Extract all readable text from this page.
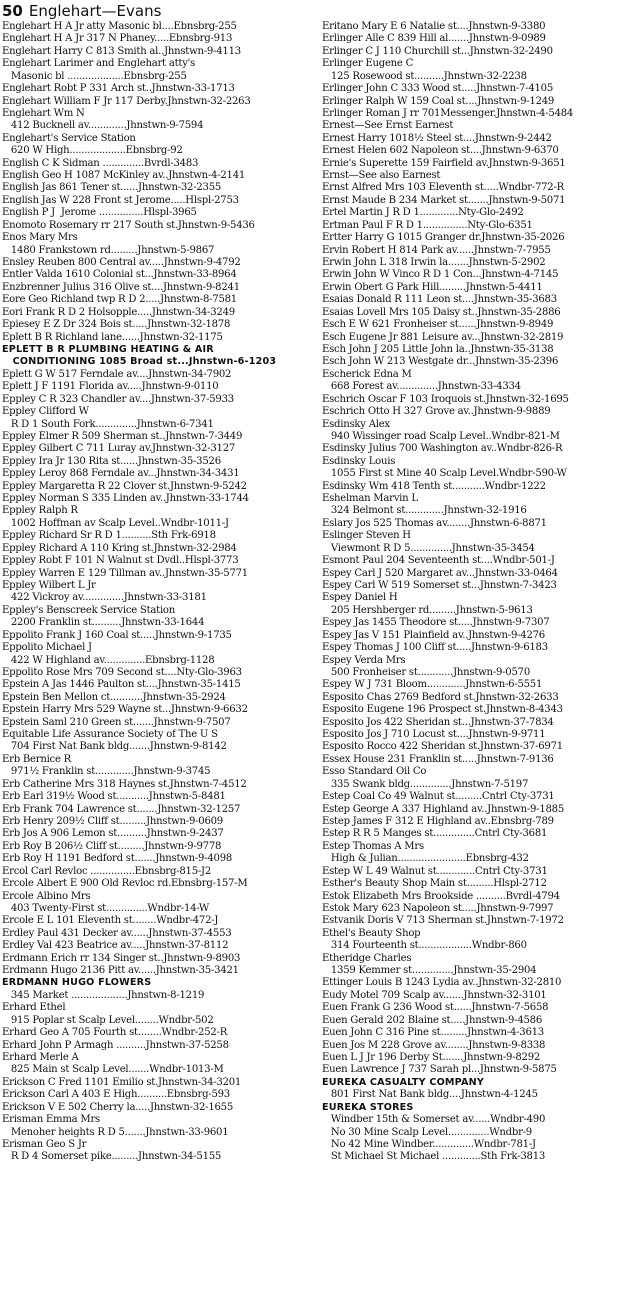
50 Englehart—Evans
Englehart H A Jr atty Masonic bl....Ebnsbrg-255
Englehart H A Jr 317 N Phaney.....Ebnsbrg-913
Englehart Harry C 813 Smith al..Jhnstwn-9-4113
Englehart Larimer and Englehart atty's
Masonic bl ...................Ebnsbrg-255
Englehart Robt P 331 Arch st..Jhnstwn-33-1713
Englehart William F Jr 117 Derby.Jhnstwn-32-2263
Englehart Wm N
412 Bucknell av.............Jhnstwn-9-7594
Englehart's Service Station
620 W High...................Ebnsbrg-92
English C K Sidman ..............Bvrdl-3483
English Geo H 1087 McKinley av..Jhnstwn-4-2141
English Jas 861 Tener st......Jhnstwn-32-2355
English Jas W 228 Front st Jerome.....Hlspl-2753
English P J  Jerome ...............Hlspl-3965
Enomoto Rosemary rr 217 South st.Jhnstwn-9-5436
Enos Mary Mrs
1480 Frankstown rd.........Jhnstwn-5-9867
Ensley Reuben 800 Central av.....Jhnstwn-9-4792
Entler Valda 1610 Colonial st...Jhnstwn-33-8964
Enzbrenner Julius 316 Olive st....Jhnstwn-9-8241
Eore Geo Richland twp R D 2.....Jhnstwn-8-7581
Eori Frank R D 2 Holsopple.....Jhnstwn-34-3249
Epiesey E Z Dr 324 Bois st.....Jhnstwn-32-1878
Eplett B R Richland lane......Jhnstwn-32-1175
EPLETT B R PLUMBING HEATING & AIR
CONDITIONING 1085 Broad st...Jhnstwn-6-1203
Eplett G W 517 Ferndale av....Jhnstwn-34-7902
Eplett J F 1191 Florida av.....Jhnstwn-9-0110
Eppley C R 323 Chandler av....Jhnstwn-37-5933
Eppley Clifford W
R D 1 South Fork..............Jhnstwn-6-7341
Eppley Elmer R 509 Sherman st..Jhnstwn-7-3449
Eppley Gilbert C 711 Luray av.Jhnstwn-32-3127
Eppley Ira Jr 130 Rita st......Jhnstwn-35-3526
Eppley Leroy 868 Ferndale av...Jhnstwn-34-3431
Eppley Margaretta R 22 Clover st.Jhnstwn-9-5242
Eppley Norman S 335 Linden av..Jhnstwn-33-1744
Eppley Ralph R
1002 Hoffman av Scalp Level..Wndbr-1011-J
Eppley Richard Sr R D 1..........Sth Frk-6918
Eppley Richard A 110 Kring st.Jhnstwn-32-2984
Eppley Robt F 101 N Walnut st Dvdl..Hlspl-3773
Eppley Warren E 129 Tillman av..Jhnstwn-35-5771
Eppley Wilbert L Jr
422 Vickroy av..............Jhnstwn-33-3181
Eppley's Benscreek Service Station
2200 Franklin st..........Jhnstwn-33-1644
Eppolito Frank J 160 Coal st.....Jhnstwn-9-1735
Eppolito Michael J
422 W Highland av..............Ebnsbrg-1128
Eppolito Rose Mrs 709 Second st....Nty-Glo-3963
Epstein A Jas 1446 Paulton st....Jhnstwn-35-1415
Epstein Ben Mellon ct...........Jhnstwn-35-2924
Epstein Harry Mrs 529 Wayne st...Jhnstwn-9-6632
Epstein Saml 210 Green st.......Jhnstwn-9-7507
Equitable Life Assurance Society of The U S
704 First Nat Bank bldg.......Jhnstwn-9-8142
Erb Bernice R
971½ Franklin st.............Jhnstwn-9-3745
Erb Catherine Mrs 318 Haynes st.Jhnstwn-7-4512
Erb Earl 319½ Wood st...........Jhnstwn-5-8481
Erb Frank 704 Lawrence st.......Jhnstwn-32-1257
Erb Henry 209½ Cliff st.........Jhnstwn-9-0609
Erb Jos A 906 Lemon st..........Jhnstwn-9-2437
Erb Roy B 206½ Cliff st.........Jhnstwn-9-9778
Erb Roy H 1191 Bedford st.......Jhnstwn-9-4098
Ercol Carl Revloc ...............Ebnsbrg-815-J2
Ercole Albert E 900 Old Revloc rd.Ebnsbrg-157-M
Ercole Albino Mrs
403 Twenty-First st..............Wndbr-14-W
Ercole E L 101 Eleventh st........Wndbr-472-J
Erdley Paul 431 Decker av......Jhnstwn-37-4553
Erdley Val 423 Beatrice av.....Jhnstwn-37-8112
Erdmann Erich rr 134 Singer st..Jhnstwn-9-8903
Erdmann Hugo 2136 Pitt av......Jhnstwn-35-3421
ERDMANN HUGO FLOWERS
345 Market ...................Jhnstwn-8-1219
Erhard Ethel
915 Poplar st Scalp Level........Wndbr-502
Erhard Geo A 705 Fourth st........Wndbr-252-R
Erhard John P Armagh ..........Jhnstwn-37-5258
Erhard Merle A
825 Main st Scalp Level.......Wndbr-1013-M
Erickson C Fred 1101 Emilio st.Jhnstwn-34-3201
Erickson Carl A 403 E High..........Ebnsbrg-593
Erickson V E 502 Cherry la.....Jhnstwn-32-1655
Erisman Emma Mrs
Menoher heights R D 5.......Jhnstwn-33-9601
Erisman Geo S Jr
R D 4 Somerset pike.........Jhnstwn-34-5155
Eritano Mary E 6 Natalie st....Jhnstwn-9-3380
Erlinger Alle C 839 Hill al.......Jhnstwn-9-0989
Erlinger C J 110 Churchill st...Jhnstwn-32-2490
Erlinger Eugene C
125 Rosewood st..........Jhnstwn-32-2238
Erlinger John C 333 Wood st.....Jhnstwn-7-4105
Erlinger Ralph W 159 Coal st....Jhnstwn-9-1249
Erlinger Roman J rr 701Messenger.Jhnstwn-4-5484
Ernest—See Ernst Earnest
Ernest Harry 1018½ Steel st....Jhnstwn-9-2442
Ernest Helen 602 Napoleon st....Jhnstwn-9-6370
Ernie's Superette 159 Fairfield av.Jhnstwn-9-3651
Ernst—See also Earnest
Ernst Alfred Mrs 103 Eleventh st.....Wndbr-772-R
Ernst Maude B 234 Market st.......Jhnstwn-9-5071
Ertel Martin J R D 1.............Nty-Glo-2492
Ertman Paul F R D 1...............Nty-Glo-6351
Ertter Harry G 1015 Granger dr.Jhnstwn-35-2026
Ervin Robert H 814 Park av......Jhnstwn-7-7955
Erwin John L 318 Irwin la.......Jhnstwn-5-2902
Erwin John W Vinco R D 1 Con...Jhnstwn-4-7145
Erwin Obert G Park Hill.........Jhnstwn-5-4411
Esaias Donald R 111 Leon st....Jhnstwn-35-3683
Esaias Lovell Mrs 105 Daisy st..Jhnstwn-35-2886
Esch E W 621 Fronheiser st......Jhnstwn-9-8949
Esch Eugene Jr 881 Leisure av...Jhnstwn-32-2819
Esch John J 205 Little John la..Jhnstwn-35-3138
Esch John W 213 Westgate dr...Jhnstwn-35-2396
Escherick Edna M
668 Forest av..............Jhnstwn-33-4334
Eschrich Oscar F 103 Iroquois st.Jhnstwn-32-1695
Eschrich Otto H 327 Grove av..Jhnstwn-9-9889
Esdinsky Alex
940 Wissinger road Scalp Level..Wndbr-821-M
Esdinsky Julius 700 Washington av..Wndbr-826-R
Esdinsky Louis
1055 First st Mine 40 Scalp Level.Wndbr-590-W
Esdinsky Wm 418 Tenth st...........Wndbr-1222
Eshelman Marvin L
324 Belmont st.............Jhnstwn-32-1916
Eslary Jos 525 Thomas av........Jhnstwn-6-8871
Eslinger Steven H
Viewmont R D 5..............Jhnstwn-35-3454
Esmont Paul 204 Seventeenth st....Wndbr-501-J
Espey Carl J 520 Margaret av...Jhnstwn-33-0464
Espey Carl W 519 Somerset st...Jhnstwn-7-3423
Espey Daniel H
205 Hershberger rd.........Jhnstwn-5-9613
Espey Jas 1455 Theodore st.....Jhnstwn-9-7307
Espey Jas V 151 Plainfield av..Jhnstwn-9-4276
Espey Thomas J 100 Cliff st.....Jhnstwn-9-6183
Espey Verda Mrs
500 Fronheiser st............Jhnstwn-9-0570
Espey W J 731 Bloom.............Jhnstwn-6-5551
Esposito Chas 2769 Bedford st.Jhnstwn-32-2633
Esposito Eugene 196 Prospect st.Jhnstwn-8-4343
Esposito Jos 422 Sheridan st...Jhnstwn-37-7834
Esposito Jos J 710 Locust st....Jhnstwn-9-9711
Esposito Rocco 422 Sheridan st.Jhnstwn-37-6971
Essex House 231 Franklin st.....Jhnstwn-7-9136
Esso Standard Oil Co
335 Swank bldg..............Jhnstwn-7-5197
Estep Coal Co 49 Walnut st.........Cntrl Cty-3731
Estep George A 337 Highland av..Jhnstwn-9-1885
Estep James F 312 E Highland av..Ebnsbrg-789
Estep R R 5 Manges st..............Cntrl Cty-3681
Estep Thomas A Mrs
High & Julian.......................Ebnsbrg-432
Estep W L 49 Walnut st.............Cntrl Cty-3731
Esther's Beauty Shop Main st.........Hlspl-2712
Estok Elizabeth Mrs Brookside ..........Bvrdl-4794
Estok Mary 623 Napoleon st.....Jhnstwn-9-7997
Estvanik Doris V 713 Sherman st.Jhnstwn-7-1972
Ethel's Beauty Shop
314 Fourteenth st..................Wndbr-860
Etheridge Charles
1359 Kemmer st..............Jhnstwn-35-2904
Ettinger Louis B 1243 Lydia av..Jhnstwn-32-2810
Eudy Motel 709 Scalp av.......Jhnstwn-32-3101
Euen Frank G 236 Wood st......Jhnstwn-7-5658
Euen Gerald 202 Blaine st.....Jhnstwn-9-4586
Euen John C 316 Pine st.........Jhnstwn-4-3613
Euen Jos M 228 Grove av........Jhnstwn-9-8338
Euen L J Jr 196 Derby St.......Jhnstwn-9-8292
Euen Lawrence J 737 Sarah pl...Jhnstwn-9-5875
EUREKA CASUALTY COMPANY
801 First Nat Bank bldg....Jhnstwn-4-1245
EUREKA STORES
Windber 15th & Somerset av......Wndbr-490
No 30 Mine Scalp Level..............Wndbr-9
No 42 Mine Windber..............Wndbr-781-J
St Michael St Michael .............Sth Frk-3813
